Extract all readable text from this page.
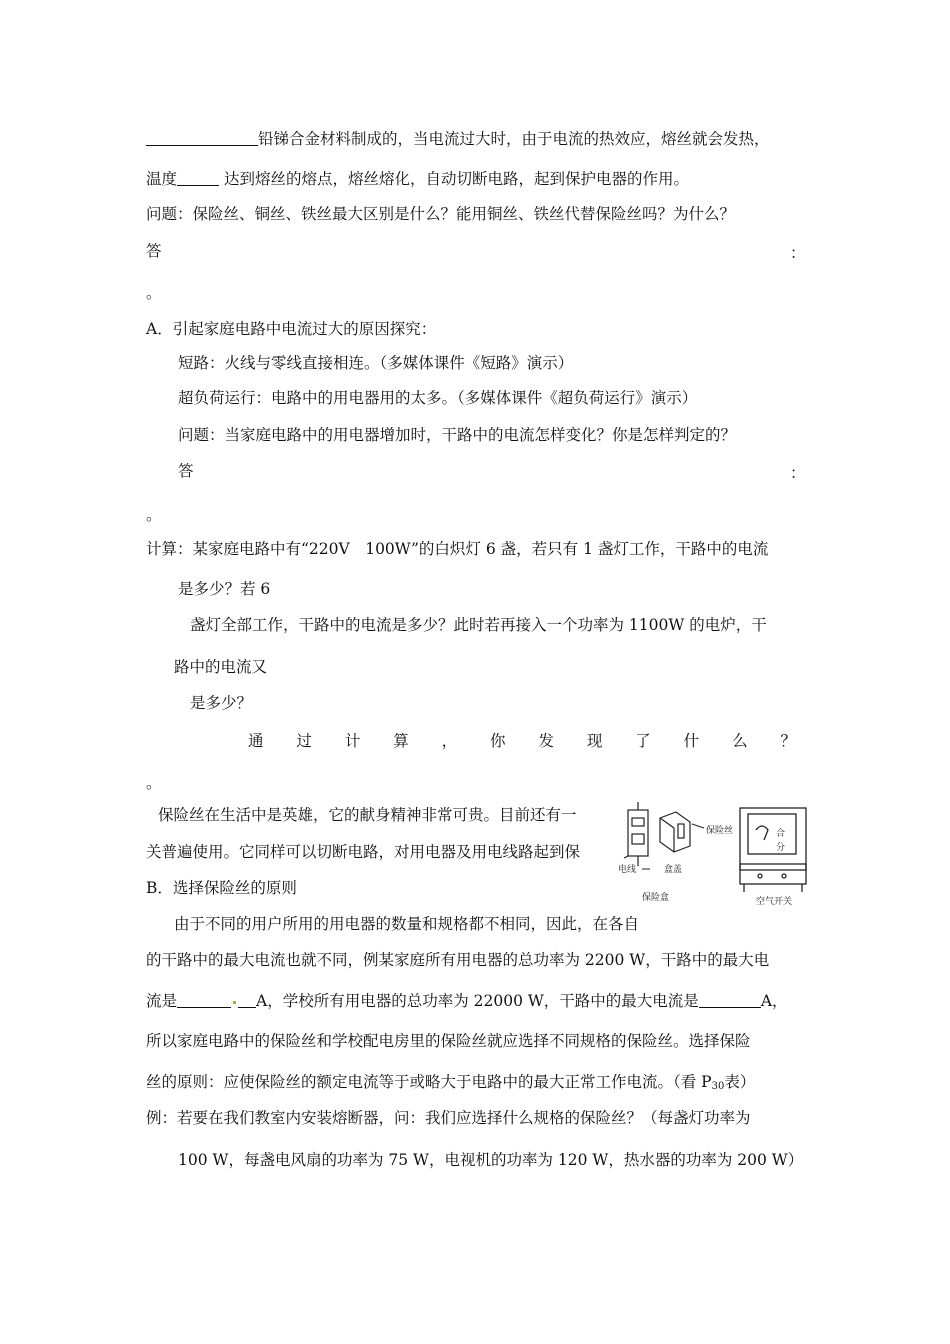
铅锑合金材料制成的，当电流过大时，由于电流的热效应，熔丝就会发热，
温度	达到熔丝的熔点，熔丝熔化，自动切断电路，起到保护电器的作用。
问题：保险丝、铜丝、铁丝最大区别是什么？能用铜丝、铁丝代替保险丝吗？为什么？
答	：
。
A．引起家庭电路中电流过大的原因探究：
短路：火线与零线直接相连。（多媒体课件《短路》演示）
超负荷运行：电路中的用电器用的太多。（多媒体课件《超负荷运行》演示）
问题：当家庭电路中的用电器增加时，干路中的电流怎样变化？你是怎样判定的？
答	：
。
计算：某家庭电路中有“220V　100W”的白炽灯 6 盏，若只有 1 盏灯工作，干路中的电流
是多少？若 6
盏灯全部工作，干路中的电流是多少？此时若再接入一个功率为 1100W 的电炉，干
路中的电流又
是多少？
通 过 计 算 ， 你 发 现 了 什 么 ？
。
保险丝在生活中是英雄，它的献身精神非常可贵。目前还有一
关普遍使用。它同样可以切断电路，对用电器及用电线路起到保
B．选择保险丝的原则
保险丝
电线	盒盖
保险盒
合
分
空气开关
由于不同的用户所用的用电器的数量和规格都不相同，因此，在各自
的干路中的最大电流也就不同，例某家庭所有用电器的总功率为 2200 W，干路中的最大电
流是	A，学校所有用电器的总功率为 22000 W，干路中的最大电流是	A，
所以家庭电路中的保险丝和学校配电房里的保险丝就应选择不同规格的保险丝。选择保险
丝的原则：应使保险丝的额定电流等于或略大于电路中的最大正常工作电流。（看 $P_{30}$表）
例：若要在我们教室内安装熔断器，问：我们应选择什么规格的保险丝？（每盏灯功率为
100 W，每盏电风扇的功率为 75 W，电视机的功率为 120 W，热水器的功率为 200 W）
